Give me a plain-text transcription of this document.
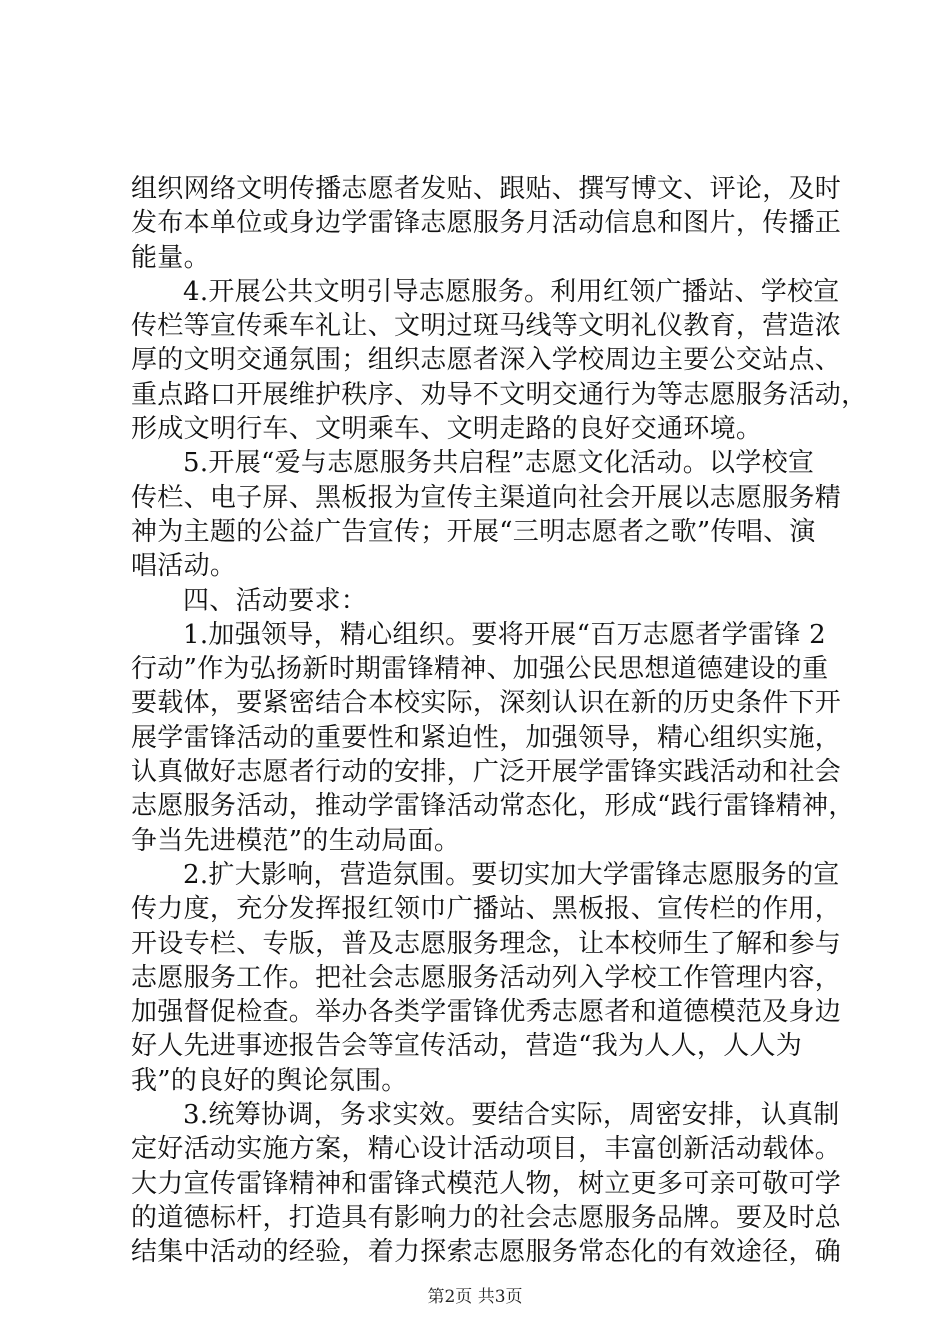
组织网络文明传播志愿者发贴、跟贴、撰写博文、评论，及时
发布本单位或身边学雷锋志愿服务月活动信息和图片，传播正
能量。
4.开展公共文明引导志愿服务。利用红领广播站、学校宣
传栏等宣传乘车礼让、文明过斑马线等文明礼仪教育，营造浓
厚的文明交通氛围；组织志愿者深入学校周边主要公交站点、
重点路口开展维护秩序、劝导不文明交通行为等志愿服务活动，
形成文明行车、文明乘车、文明走路的良好交通环境。
5.开展“爱与志愿服务共启程”志愿文化活动。以学校宣
传栏、电子屏、黑板报为宣传主渠道向社会开展以志愿服务精
神为主题的公益广告宣传；开展“三明志愿者之歌”传唱、演
唱活动。
四、活动要求：
1.加强领导，精心组织。要将开展“百万志愿者学雷锋 2
行动”作为弘扬新时期雷锋精神、加强公民思想道德建设的重
要载体，要紧密结合本校实际，深刻认识在新的历史条件下开
展学雷锋活动的重要性和紧迫性，加强领导，精心组织实施，
认真做好志愿者行动的安排，广泛开展学雷锋实践活动和社会
志愿服务活动，推动学雷锋活动常态化，形成“践行雷锋精神，
争当先进模范”的生动局面。
2.扩大影响，营造氛围。要切实加大学雷锋志愿服务的宣
传力度，充分发挥报红领巾广播站、黑板报、宣传栏的作用，
开设专栏、专版，普及志愿服务理念，让本校师生了解和参与
志愿服务工作。把社会志愿服务活动列入学校工作管理内容，
加强督促检查。举办各类学雷锋优秀志愿者和道德模范及身边
好人先进事迹报告会等宣传活动，营造“我为人人，人人为
我”的良好的舆论氛围。
3.统筹协调，务求实效。要结合实际，周密安排，认真制
定好活动实施方案，精心设计活动项目，丰富创新活动载体。
大力宣传雷锋精神和雷锋式模范人物，树立更多可亲可敬可学
的道德标杆，打造具有影响力的社会志愿服务品牌。要及时总
结集中活动的经验，着力探索志愿服务常态化的有效途径，确
第2页 共3页
